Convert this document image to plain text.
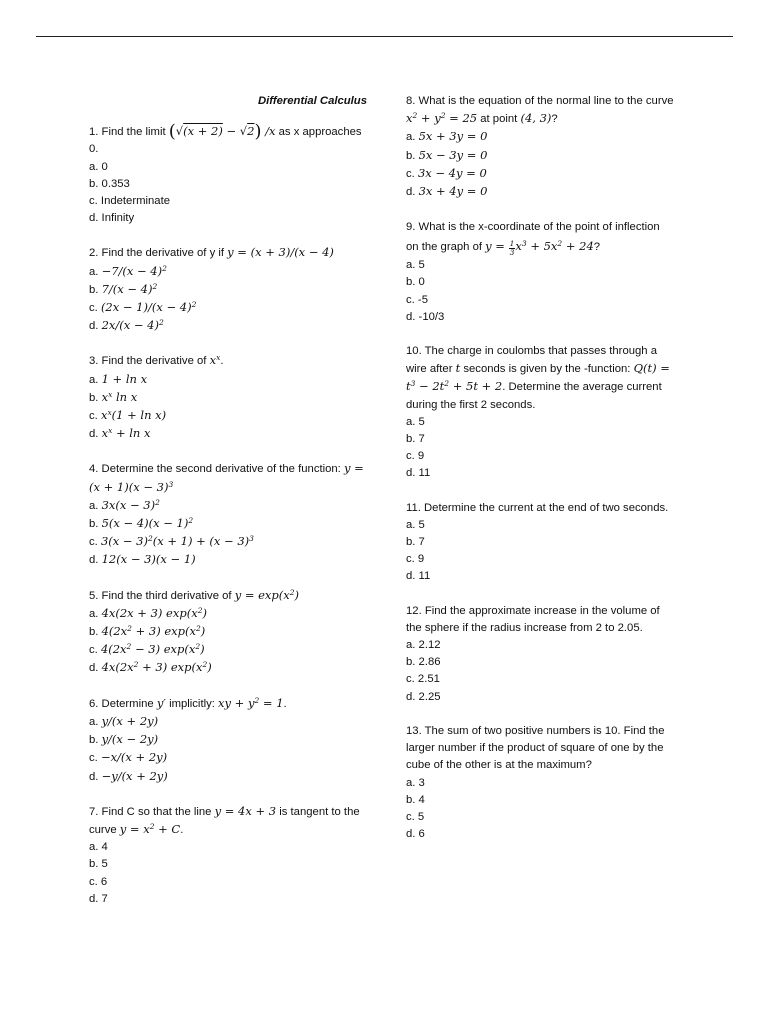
Differential Calculus

1. Find the limit (√(x + 2) − √2) /x as x approaches 0.

a. 0
b. 0.353
c. Indeterminate
d. Infinity

2. Find the derivative of y if y = (x + 3)/(x − 4)

a. $-7/(x - 4)^2$
b. $7/(x - 4)^2$
c. $(2x - 1)/(x - 4)^2$
d. $2x/(x - 4)^2$

3. Find the derivative of $x^x$.

a. 1 + ln x
b. $x^x$ ln x
c. $x^x(1 + \ln x)$
d. $x^x + \ln x$

4. Determine the second derivative of the function: $y = (x + 1)(x - 3)^3$

a. $3x(x - 3)^2$
b. $5(x - 4)(x - 1)^2$
c. $3(x - 3)^2(x + 1) + (x - 3)^3$
d. 12(x − 3)(x − 1)

5. Find the third derivative of $y = \exp(x^2)$

a. 4x(2x + 3) $\exp(x^2)$
b. $4(2x^2 + 3)$ $\exp(x^2)$
c. $4(2x^2 - 3)$ $\exp(x^2)$
d. $4x(2x^2 + 3)$ $\exp(x^2)$

6. Determine y′ implicitly: xy + $y^2 = 1$.

a. y/(x + 2y)
b. y/(x − 2y)
c. −x/(x + 2y)
d. −y/(x + 2y)

7. Find C so that the line y = 4x + 3 is tangent to the curve $y = x^2 + C$.

a. 4
b. 5
c. 6
d. 7

8. What is the equation of the normal line to the curve $x^2 + y^2 = 25$ at point (4, 3)?

a. 5x + 3y = 0
b. 5x − 3y = 0
c. 3x − 4y = 0
d. 3x + 4y = 0

9. What is the x-coordinate of the point of inflection on the graph of $y = \frac{1}{3} x^3 + 5x^2 + 24$?

a. 5
b. 0
c. -5
d. -10/3

10. The charge in coulombs that passes through a wire after t seconds is given by the -function: $Q(t) = t^3 - 2t^2 + 5t + 2$. Determine the average current during the first 2 seconds.

a. 5
b. 7
c. 9
d. 11

11. Determine the current at the end of two seconds.

a. 5
b. 7
c. 9
d. 11

12. Find the approximate increase in the volume of the sphere if the radius increase from 2 to 2.05.

a. 2.12
b. 2.86
c. 2.51
d. 2.25

13. The sum of two positive numbers is 10. Find the larger number if the product of square of one by the cube of the other is at the maximum?

a. 3
b. 4
c. 5
d. 6
